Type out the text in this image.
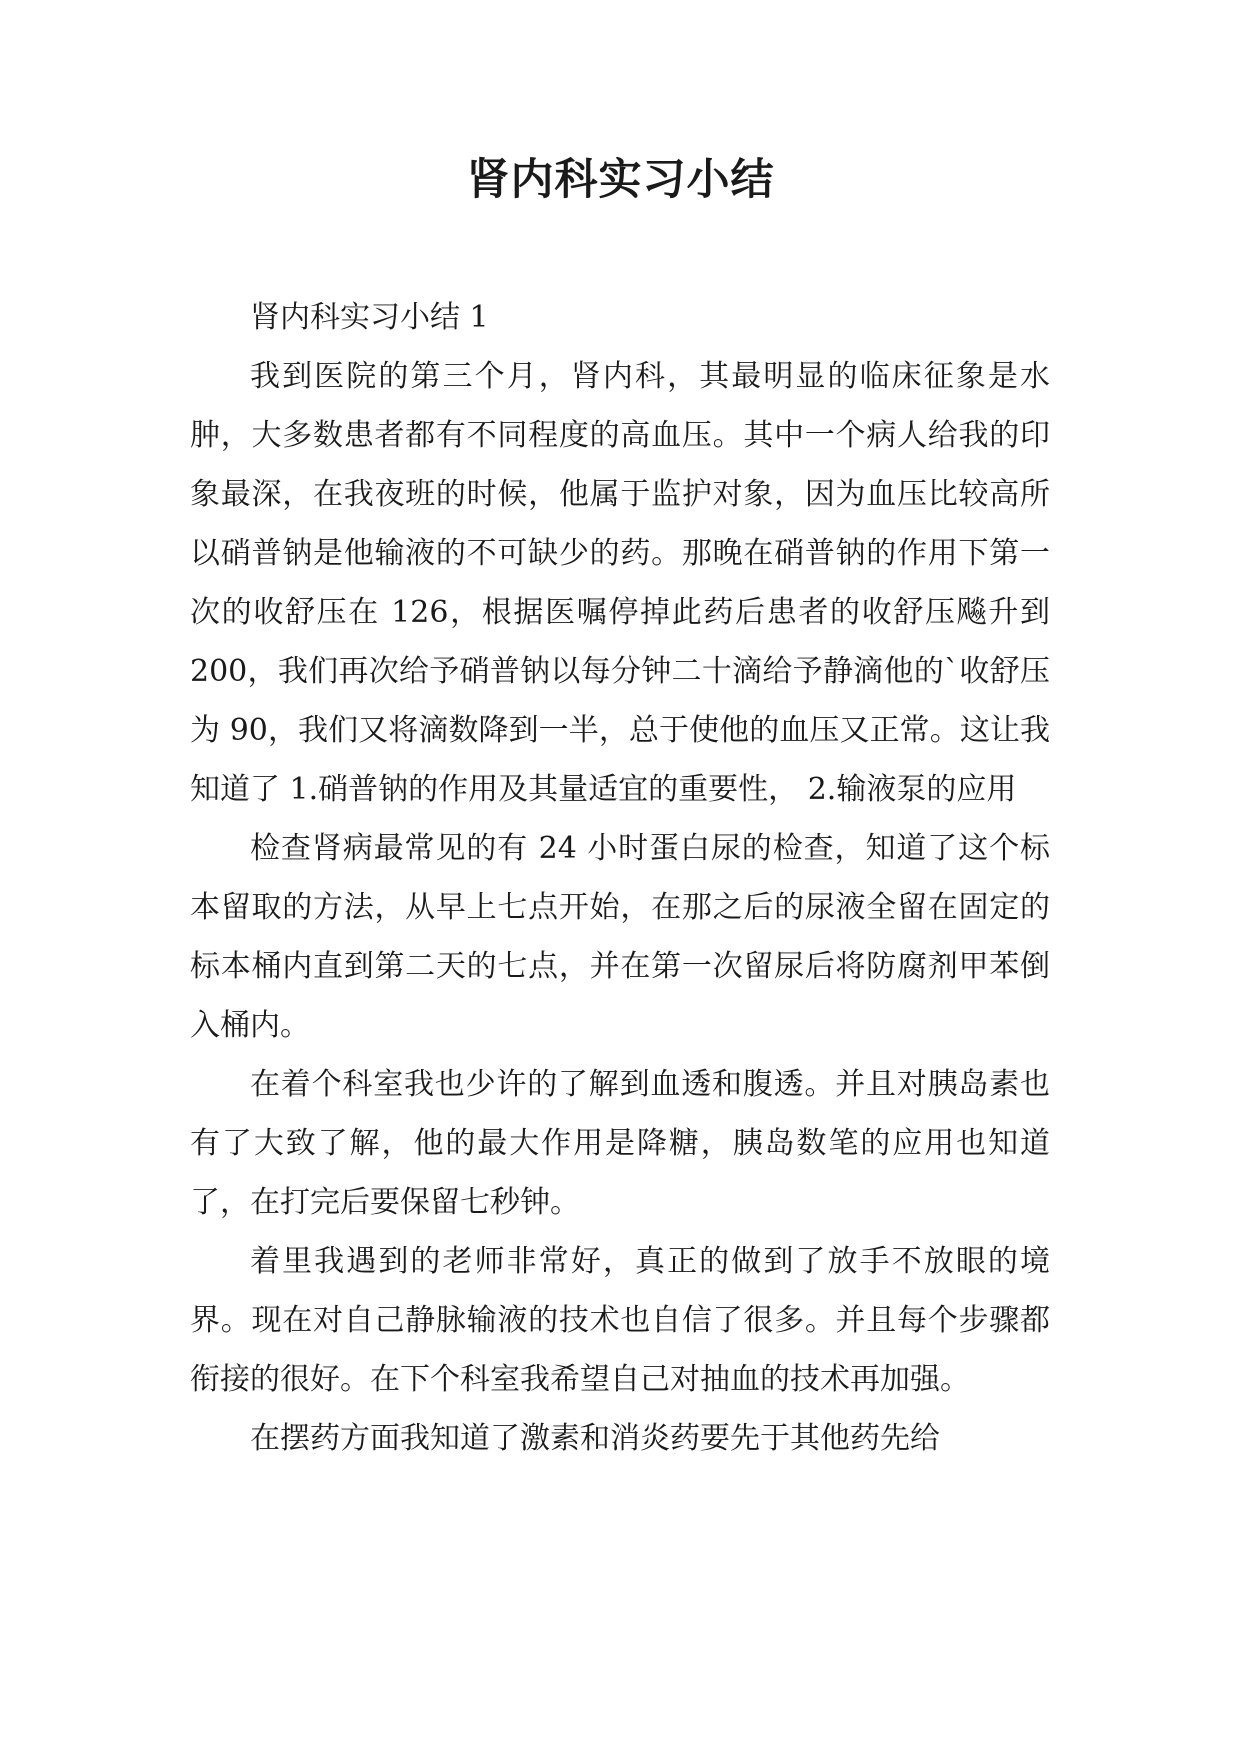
肾内科实习小结

肾内科实习小结 1

我到医院的第三个月，肾内科，其最明显的临床征象是水肿，大多数患者都有不同程度的高血压。其中一个病人给我的印象最深，在我夜班的时候，他属于监护对象，因为血压比较高所以硝普钠是他输液的不可缺少的药。那晚在硝普钠的作用下第一次的收舒压在 126，根据医嘱停掉此药后患者的收舒压飚升到 200，我们再次给予硝普钠以每分钟二十滴给予静滴他的`收舒压为 90，我们又将滴数降到一半，总于使他的血压又正常。这让我知道了 1.硝普钠的作用及其量适宜的重要性， 2.输液泵的应用

检查肾病最常见的有 24 小时蛋白尿的检查，知道了这个标本留取的方法，从早上七点开始，在那之后的尿液全留在固定的标本桶内直到第二天的七点，并在第一次留尿后将防腐剂甲苯倒入桶内。

在着个科室我也少许的了解到血透和腹透。并且对胰岛素也有了大致了解，他的最大作用是降糖，胰岛数笔的应用也知道了，在打完后要保留七秒钟。

着里我遇到的老师非常好，真正的做到了放手不放眼的境界。现在对自己静脉输液的技术也自信了很多。并且每个步骤都衔接的很好。在下个科室我希望自己对抽血的技术再加强。

在摆药方面我知道了激素和消炎药要先于其他药先给
